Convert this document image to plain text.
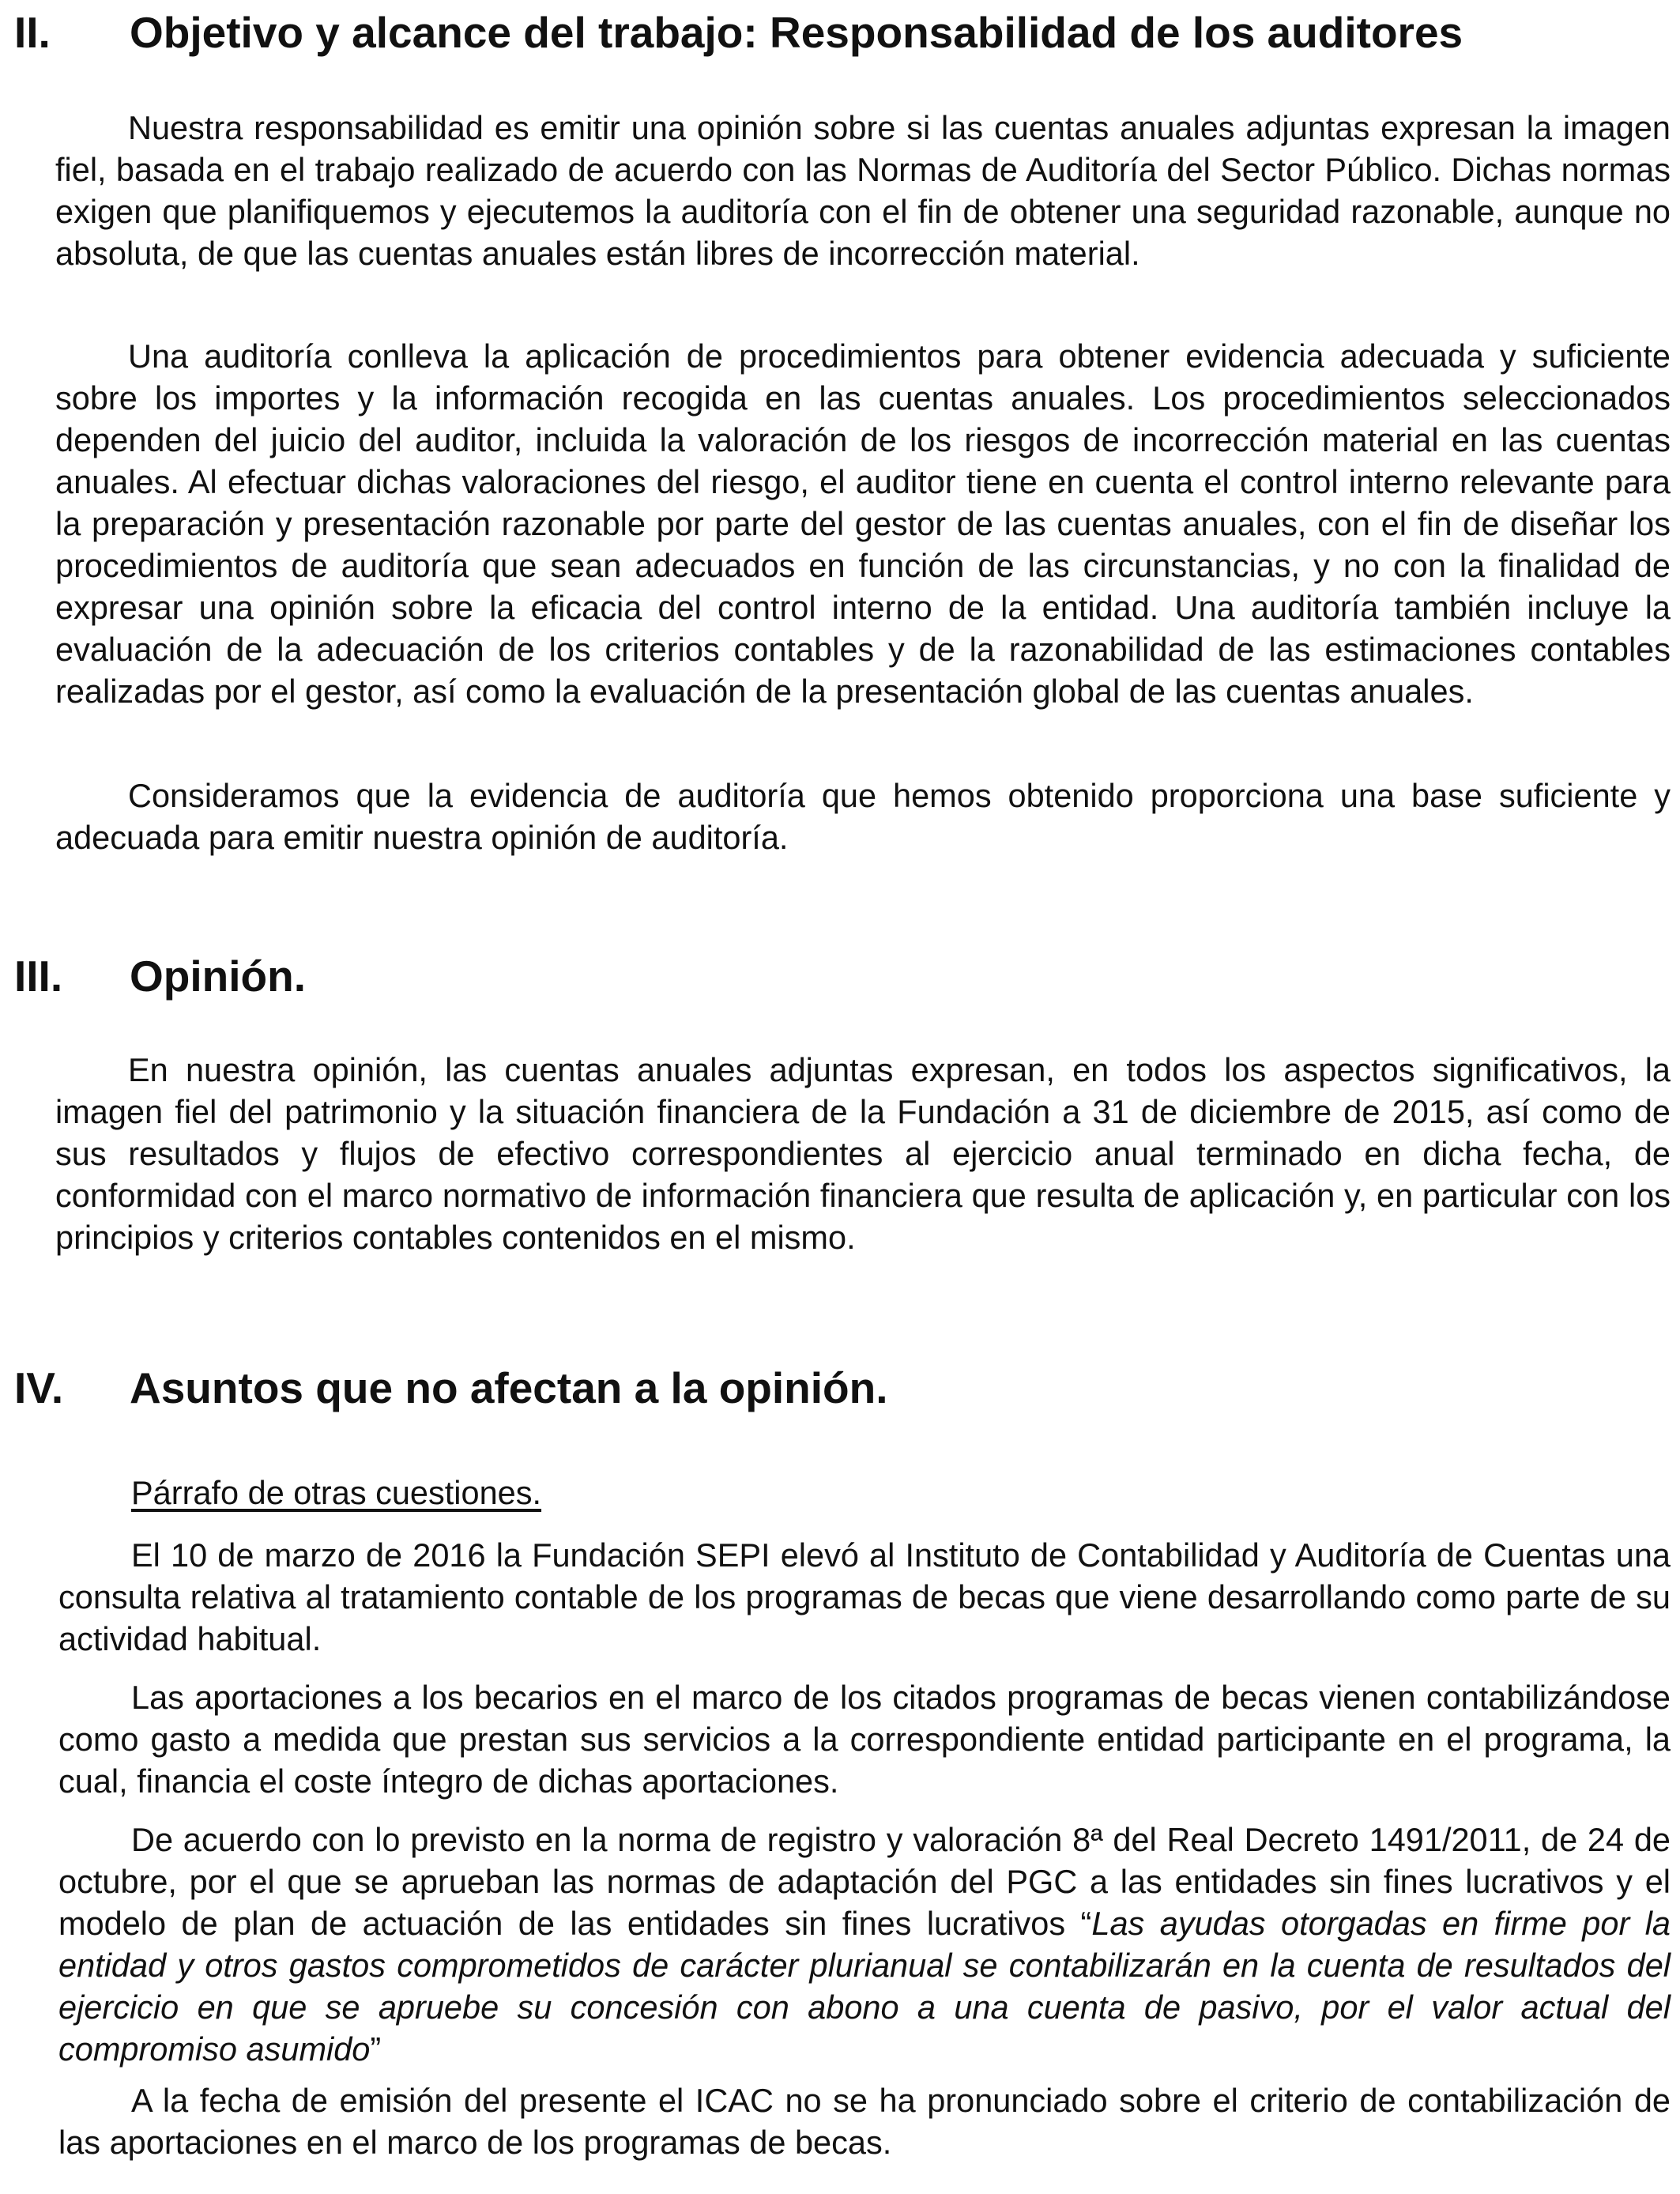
II.	Objetivo y alcance del trabajo: Responsabilidad de los auditores

Nuestra responsabilidad es emitir una opinión sobre si las cuentas anuales adjuntas expresan la imagen fiel, basada en el trabajo realizado de acuerdo con las Normas de Auditoría del Sector Público. Dichas normas exigen que planifiquemos y ejecutemos la auditoría con el fin de obtener una seguridad razonable, aunque no absoluta, de que las cuentas anuales están libres de incorrección material.

Una auditoría conlleva la aplicación de procedimientos para obtener evidencia adecuada y suficiente sobre los importes y la información recogida en las cuentas anuales. Los procedimientos seleccionados dependen del juicio del auditor, incluida la valoración de los riesgos de incorrección material en las cuentas anuales. Al efectuar dichas valoraciones del riesgo, el auditor tiene en cuenta el control interno relevante para la preparación y presentación razonable por parte del gestor de las cuentas anuales, con el fin de diseñar los procedimientos de auditoría que sean adecuados en función de las circunstancias, y no con la finalidad de expresar una opinión sobre la eficacia del control interno de la entidad. Una auditoría también incluye la evaluación de la adecuación de los criterios contables y de la razonabilidad de las estimaciones contables realizadas por el gestor, así como la evaluación de la presentación global de las cuentas anuales.

Consideramos que la evidencia de auditoría que hemos obtenido proporciona una base suficiente y adecuada para emitir nuestra opinión de auditoría.

III.	Opinión.

En nuestra opinión, las cuentas anuales adjuntas expresan, en todos los aspectos significativos, la imagen fiel del patrimonio y la situación financiera de la Fundación a 31 de diciembre de 2015, así como de sus resultados y flujos de efectivo correspondientes al ejercicio anual terminado en dicha fecha, de conformidad con el marco normativo de información financiera que resulta de aplicación y, en particular con los principios y criterios contables contenidos en el mismo.

IV.	Asuntos que no afectan a la opinión.
Párrafo de otras cuestiones.

El 10 de marzo de 2016 la Fundación SEPI elevó al Instituto de Contabilidad y Auditoría de Cuentas una consulta relativa al tratamiento contable de los programas de becas que viene desarrollando como parte de su actividad habitual.

Las aportaciones a los becarios en el marco de los citados programas de becas vienen contabilizándose como gasto a medida que prestan sus servicios a la correspondiente entidad participante en el programa, la cual, financia el coste íntegro de dichas aportaciones.

De acuerdo con lo previsto en la norma de registro y valoración 8ª del Real Decreto 1491/2011, de 24 de octubre, por el que se aprueban las normas de adaptación del PGC a las entidades sin fines lucrativos y el modelo de plan de actuación de las entidades sin fines lucrativos “Las ayudas otorgadas en firme por la entidad y otros gastos comprometidos de carácter plurianual se contabilizarán en la cuenta de resultados del ejercicio en que se apruebe su concesión con abono a una cuenta de pasivo, por el valor actual del compromiso asumido”

A la fecha de emisión del presente el ICAC no se ha pronunciado sobre el criterio de contabilización de las aportaciones en el marco de los programas de becas.
